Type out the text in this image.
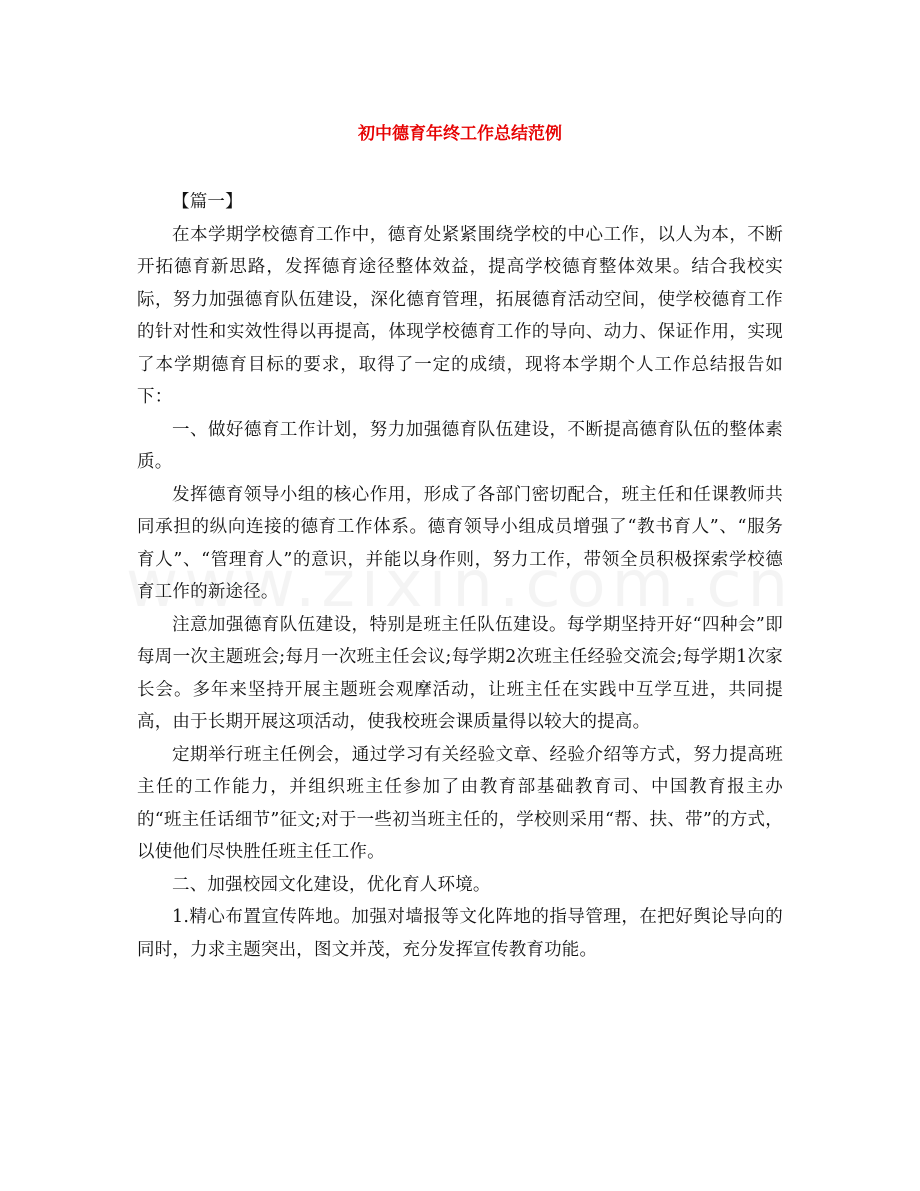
初中德育年终工作总结范例

【篇一】

在本学期学校德育工作中，德育处紧紧围绕学校的中心工作，以人为本，不断开拓德育新思路，发挥德育途径整体效益，提高学校德育整体效果。结合我校实际，努力加强德育队伍建设，深化德育管理，拓展德育活动空间，使学校德育工作的针对性和实效性得以再提高，体现学校德育工作的导向、动力、保证作用，实现了本学期德育目标的要求，取得了一定的成绩，现将本学期个人工作总结报告如下：

一、做好德育工作计划，努力加强德育队伍建设，不断提高德育队伍的整体素质。

发挥德育领导小组的核心作用，形成了各部门密切配合，班主任和任课教师共同承担的纵向连接的德育工作体系。德育领导小组成员增强了“教书育人”、“服务育人”、“管理育人”的意识，并能以身作则，努力工作，带领全员积极探索学校德育工作的新途径。

注意加强德育队伍建设，特别是班主任队伍建设。每学期坚持开好“四种会”即每周一次主题班会;每月一次班主任会议;每学期2次班主任经验交流会;每学期1次家长会。多年来坚持开展主题班会观摩活动，让班主任在实践中互学互进，共同提高，由于长期开展这项活动，使我校班会课质量得以较大的提高。

定期举行班主任例会，通过学习有关经验文章、经验介绍等方式，努力提高班主任的工作能力，并组织班主任参加了由教育部基础教育司、中国教育报主办的“班主任话细节”征文;对于一些初当班主任的，学校则采用“帮、扶、带”的方式，以使他们尽快胜任班主任工作。

二、加强校园文化建设，优化育人环境。

1.精心布置宣传阵地。加强对墙报等文化阵地的指导管理，在把好舆论导向的同时，力求主题突出，图文并茂，充分发挥宣传教育功能。
